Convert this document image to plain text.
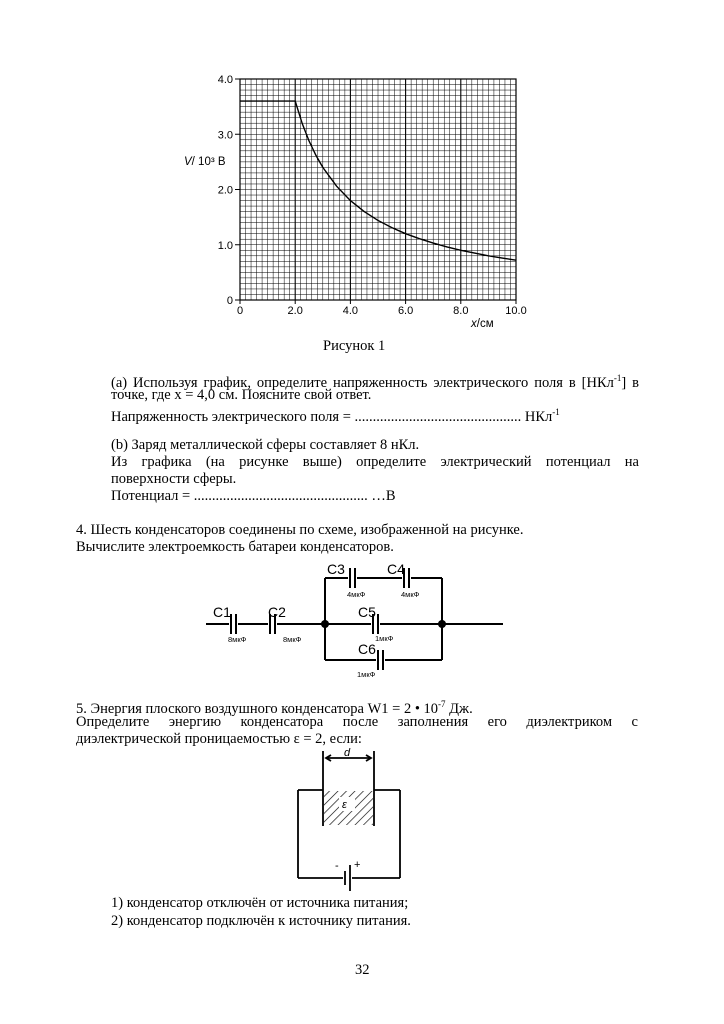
0
1.0
2.0
3.0
4.0
0	2.0	4.0	6.0	8.0	10.0
V/ 10³ В
x/см
Рисунок 1
(a) Используя график, определите напряженность электрического поля в [НКл$^{-1}$] в
точке, где x = 4,0 см. Поясните свой ответ.
Напряженность электрического поля = .............................................. НКл$^{-1}$
(b) Заряд металлической сферы составляет 8 нКл.
Из графика (на рисунке выше) определите электрический потенциал на
поверхности сферы.
Потенциал = ................................................ …В
4. Шесть конденсаторов соединены по схеме, изображенной на рисунке.
Вычислите электроемкость батареи конденсаторов.
C1	C2
C3	C4
C5
C6
8мкФ	8мкФ
4мкФ	4мкФ
1мкФ
1мкФ
5. Энергия плоского воздушного конденсатора W1 = 2 • $10^{-7}$ Дж.
Определите энергию конденсатора после заполнения его диэлектриком с
диэлектрической проницаемостью ε = 2, если:
d
ε
- +
1) конденсатор отключён от источника питания;
2) конденсатор подключён к источнику питания.
32
